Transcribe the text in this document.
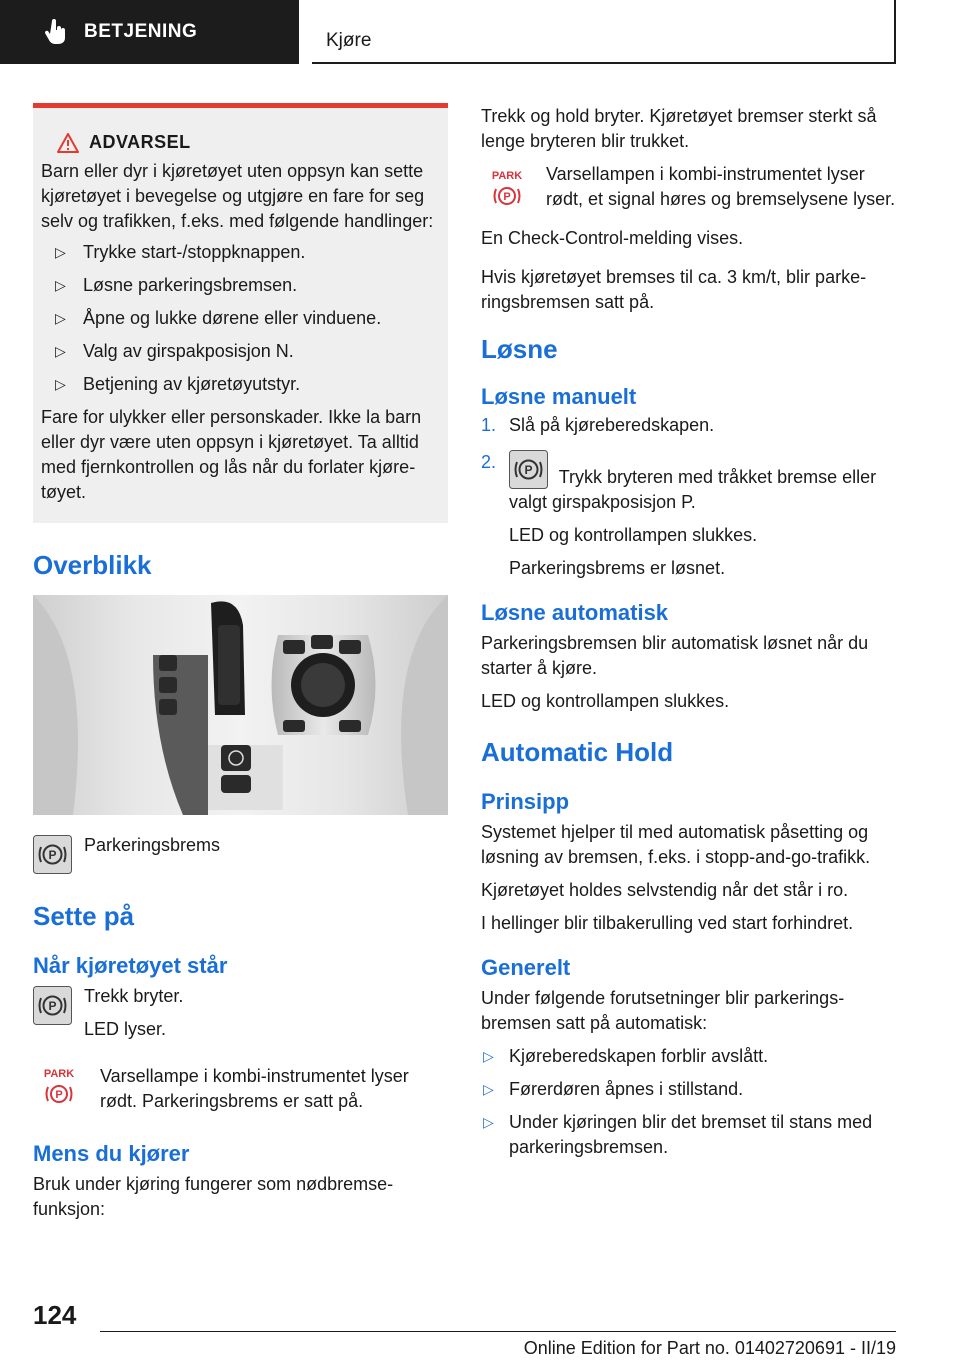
BETJENING	Kjøre
ADVARSEL

Barn eller dyr i kjøretøyet uten oppsyn kan sette kjøretøyet i bevegelse og utgjøre en fare for seg selv og trafikken, f.eks. med følgende handlinger:

▷ Trykke start-/stoppknappen.
▷ Løsne parkeringsbremsen.
▷ Åpne og lukke dørene eller vinduene.
▷ Valg av girspakposisjon N.
▷ Betjening av kjøretøyutstyr.

Fare for ulykker eller personskader. Ikke la barn eller dyr være uten oppsyn i kjøretøyet. Ta alltid med fjernkontrollen og lås når du forlater kjøretøyet.

Overblikk
P Parkeringsbrems
Sette på
Når kjøretøyet står
P Trekk bryter.

LED lyser.

PARK
P

Varsellampe i kombi-instrumentet lyser rødt. Parkeringsbrems er satt på.

Mens du kjører

Bruk under kjøring fungerer som nødbremsefunksjon:

Trekk og hold bryter. Kjøretøyet bremser sterkt så lenge bryteren blir trukket.

PARK
P

Varsellampen i kombi-instrumentet lyser rødt, et signal høres og bremselysene lyser.

En Check-Control-melding vises.

Hvis kjøretøyet bremses til ca. 3 km/t, blir parkeringsbremsen satt på.

Løsne
Løsne manuelt
1. Slå på kjøreberedskapen.
2. P Trykk bryteren med tråkket bremse eller valgt girspakposisjon P.

LED og kontrollampen slukkes.

Parkeringsbrems er løsnet.

Løsne automatisk

Parkeringsbremsen blir automatisk løsnet når du starter å kjøre.

LED og kontrollampen slukkes.

Automatic Hold
Prinsipp

Systemet hjelper til med automatisk påsetting og løsning av bremsen, f.eks. i stopp-and-go-trafikk.

Kjøretøyet holdes selvstendig når det står i ro.

I hellinger blir tilbakerulling ved start forhindret.

Generelt

Under følgende forutsetninger blir parkeringsbremsen satt på automatisk:

▷ Kjøreberedskapen forblir avslått.
▷ Førerdøren åpnes i stillstand.
▷ Under kjøringen blir det bremset til stans med parkeringsbremsen.
124
Online Edition for Part no. 01402720691 - II/19
